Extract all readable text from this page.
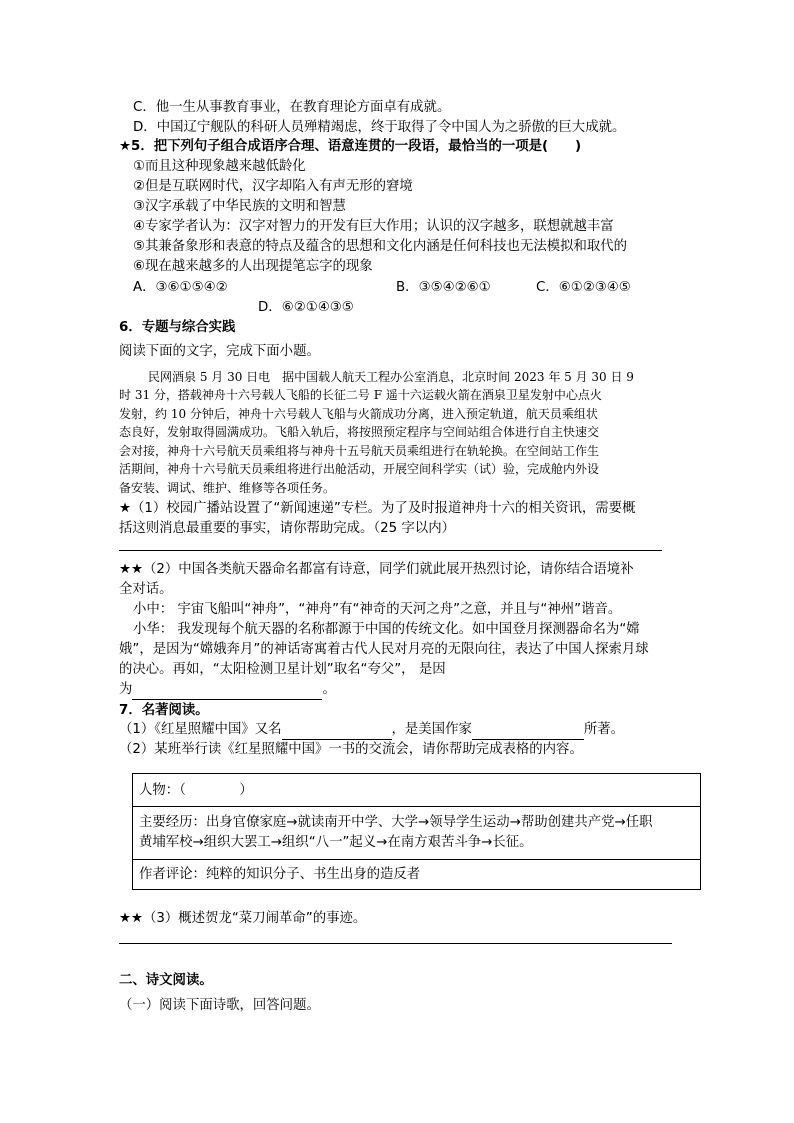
C．他一生从事教育事业，在教育理论方面卓有成就。
D．中国辽宁舰队的科研人员殚精竭虑，终于取得了令中国人为之骄傲的巨大成就。
★5．把下列句子组合成语序合理、语意连贯的一段语，最恰当的一项是(　　)
①而且这种现象越来越低龄化
②但是互联网时代，汉字却陷入有声无形的窘境
③汉字承载了中华民族的文明和智慧
④专家学者认为：汉字对智力的开发有巨大作用；认识的汉字越多，联想就越丰富
⑤其兼备象形和表意的特点及蕴含的思想和文化内涵是任何科技也无法模拟和取代的
⑥现在越来越多的人出现提笔忘字的现象
A．③⑥①⑤④②	B．③⑤④②⑥①	C．⑥①②③④⑤
D．⑥②①④③⑤
6．专题与综合实践
阅读下面的文字，完成下面小题。
民网酒泉 5 月 30 日电　据中国载人航天工程办公室消息，北京时间 2023 年 5 月 30 日 9
时 31 分，搭载神舟十六号载人飞船的长征二号 F 遥十六运载火箭在酒泉卫星发射中心点火
发射，约 10 分钟后，神舟十六号载人飞船与火箭成功分离，进入预定轨道，航天员乘组状
态良好，发射取得圆满成功。飞船入轨后，将按照预定程序与空间站组合体进行自主快速交
会对接，神舟十六号航天员乘组将与神舟十五号航天员乘组进行在轨轮换。在空间站工作生
活期间，神舟十六号航天员乘组将进行出舱活动，开展空间科学实（试）验，完成舱内外设
备安装、调试、维护、维修等各项任务。
★（1）校园广播站设置了“新闻速递”专栏。为了及时报道神舟十六的相关资讯，需要概
括这则消息最重要的事实，请你帮助完成。（25 字以内）
★★（2）中国各类航天器命名都富有诗意，同学们就此展开热烈讨论，请你结合语境补
全对话。
小中： 宇宙飞船叫“神舟”，“神舟”有“神奇的天河之舟”之意，并且与“神州”谐音。
小华： 我发现每个航天器的名称都源于中国的传统文化。如中国登月探测器命名为“嫦
娥”，是因为“嫦娥奔月”的神话寄寓着古代人民对月亮的无限向往，表达了中国人探索月球
的决心。再如，“太阳检测卫星计划”取名“夸父”， 是因
为	。
7．名著阅读。
（1）《红星照耀中国》又名	，是美国作家	所著。
（2）某班举行读《红星照耀中国》一书的交流会，请你帮助完成表格的内容。
人物：（　　　　）
主要经历：出身官僚家庭→就读南开中学、大学→领导学生运动→帮助创建共产党→任职
黄埔军校→组织大罢工→组织“八一”起义→在南方艰苦斗争→长征。
作者评论：纯粹的知识分子、书生出身的造反者
★★（3）概述贺龙“菜刀闹革命”的事迹。
二、诗文阅读。
（一）阅读下面诗歌，回答问题。
